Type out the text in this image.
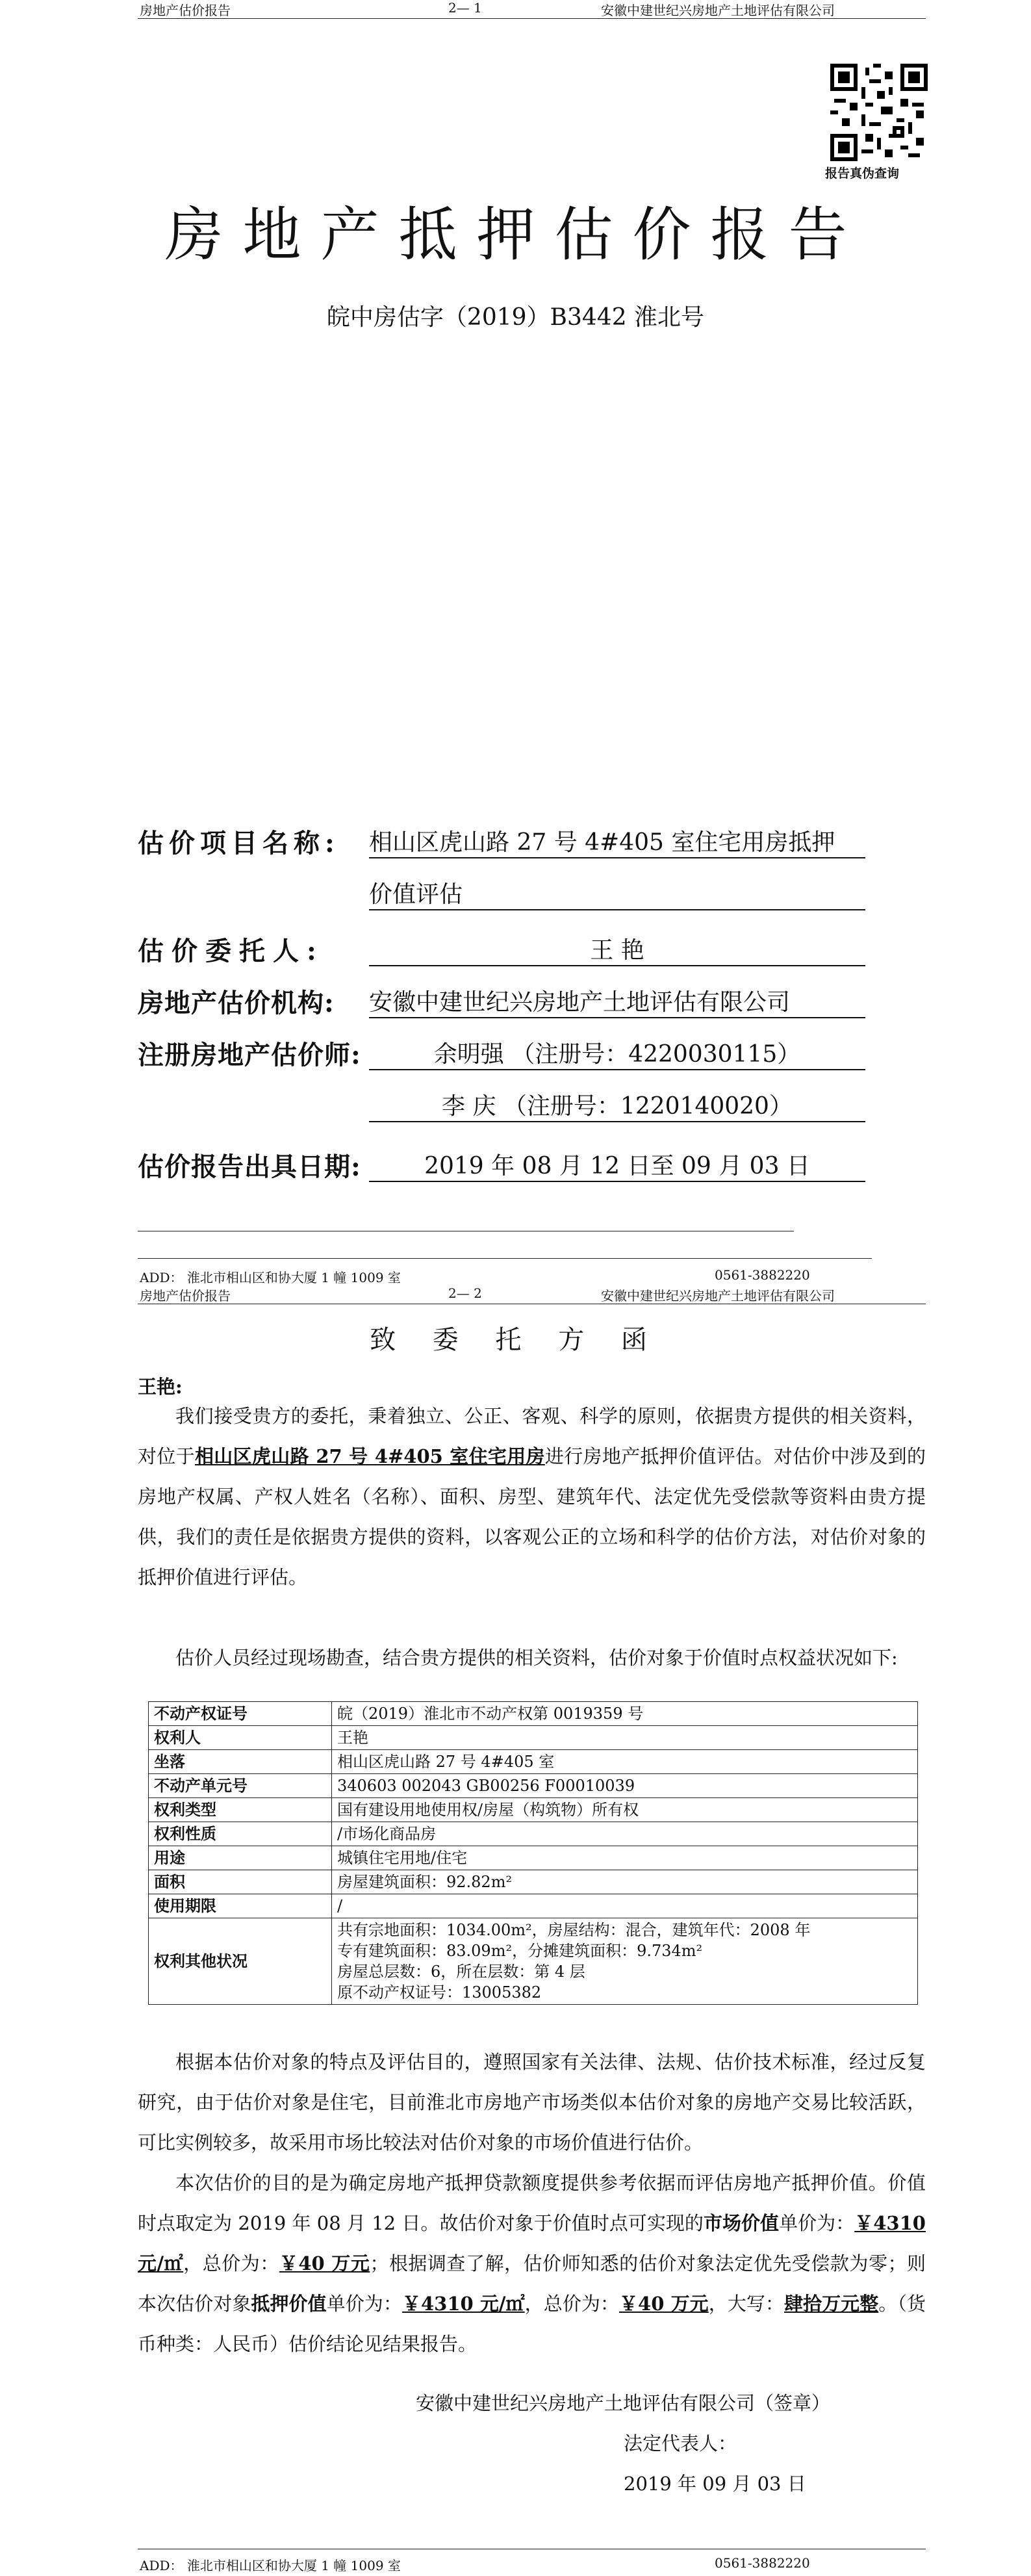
房地产估价报告	2— 1	安徽中建世纪兴房地产土地评估有限公司
报告真伪查询
房地产抵押估价报告
皖中房估字（2019）B3442 淮北号
估价项目名称: 相山区虎山路 27 号 4#405 室住宅用房抵押
价值评估
估价委托人:	王 艳
房地产估价机构: 安徽中建世纪兴房地产土地评估有限公司
注册房地产估价师:	余明强 （注册号：4220030115）
李 庆 （注册号：1220140020）
估价报告出具日期:	2019 年 08 月 12 日至 09 月 03 日
ADD： 淮北市相山区和协大厦 1 幢 1009 室	0561-3882220
房地产估价报告	2— 2	安徽中建世纪兴房地产土地评估有限公司
致 委 托 方 函
王艳:
我们接受贵方的委托，秉着独立、公正、客观、科学的原则，依据贵方提供的相关资料，对位于相山区虎山路 27 号 4#405 室住宅用房进行房地产抵押价值评估。对估价中涉及到的房地产权属、产权人姓名（名称）、面积、房型、建筑年代、法定优先受偿款等资料由贵方提供，我们的责任是依据贵方提供的资料，以客观公正的立场和科学的估价方法，对估价对象的抵押价值进行评估。
估价人员经过现场勘查，结合贵方提供的相关资料，估价对象于价值时点权益状况如下:
不动产权证号	皖（2019）淮北市不动产权第 0019359 号

权利人	王艳

坐落	相山区虎山路 27 号 4#405 室

不动产单元号	340603 002043 GB00256 F00010039

权利类型	国有建设用地使用权/房屋（构筑物）所有权

权利性质	/市场化商品房

用途	城镇住宅用地/住宅

面积	房屋建筑面积：92.82m²

使用期限	/

权利其他状况	共有宗地面积：1034.00m²，房屋结构：混合，建筑年代：2008 年
专有建筑面积：83.09m²，分摊建筑面积：9.734m²
房屋总层数：6，所在层数：第 4 层
原不动产权证号：13005382
根据本估价对象的特点及评估目的，遵照国家有关法律、法规、估价技术标准，经过反复研究，由于估价对象是住宅，目前淮北市房地产市场类似本估价对象的房地产交易比较活跃，可比实例较多，故采用市场比较法对估价对象的市场价值进行估价。
本次估价的目的是为确定房地产抵押贷款额度提供参考依据而评估房地产抵押价值。价值时点取定为 2019 年 08 月 12 日。故估价对象于价值时点可实现的市场价值单价为：￥4310 元/㎡，总价为：￥40 万元；根据调查了解，估价师知悉的估价对象法定优先受偿款为零；则本次估价对象抵押价值单价为：￥4310 元/㎡，总价为：￥40 万元，大写：肆拾万元整。（货币种类：人民币）估价结论见结果报告。
安徽中建世纪兴房地产土地评估有限公司（签章）
法定代表人：
2019 年 09 月 03 日
ADD： 淮北市相山区和协大厦 1 幢 1009 室	0561-3882220
